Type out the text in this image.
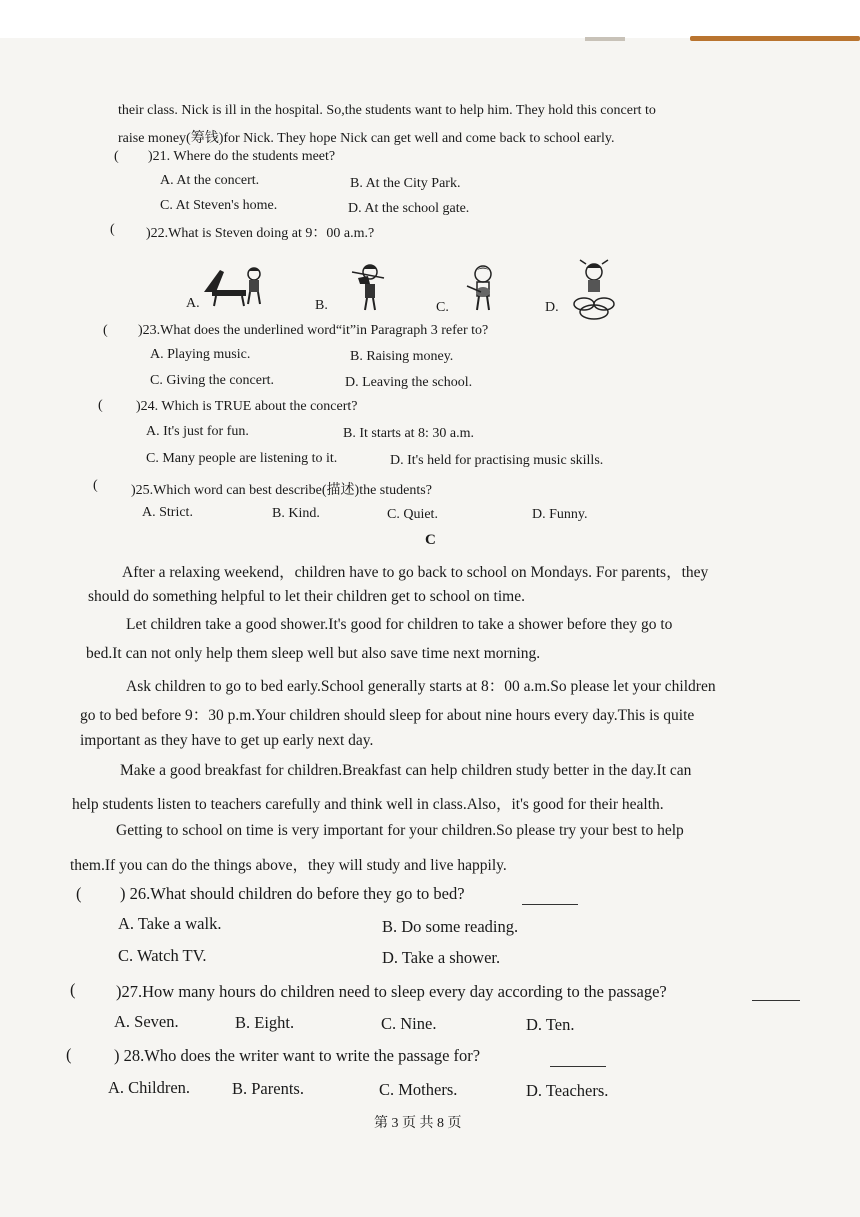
their class. Nick is ill in the hospital. So,the students want to help him. They hold this concert to
raise money(筹钱)for Nick. They hope Nick can get well and come back to school early.
( )21. Where do the students meet?
A. At the concert.	B. At the City Park.
C. At Steven's home.	D. At the school gate.
( )22.What is Steven doing at 9：00 a.m.?
A.	B.	C.	D.
( )23.What does the underlined word“it”in Paragraph 3 refer to?
A. Playing music.	B. Raising money.
C. Giving the concert.	D. Leaving the school.
( )24. Which is TRUE about the concert?
A. It's just for fun.	B. It starts at 8: 30 a.m.
C. Many people are listening to it.	D. It's held for practising music skills.
( )25.Which word can best describe(描述)the students?
A. Strict.	B. Kind.	C. Quiet.	D. Funny.
C
After a relaxing weekend，children have to go back to school on Mondays. For parents，they
should do something helpful to let their children get to school on time.
Let children take a good shower.It's good for children to take a shower before they go to
bed.It can not only help them sleep well but also save time next morning.
Ask children to go to bed early.School generally starts at 8：00 a.m.So please let your children
go to bed before 9：30 p.m.Your children should sleep for about nine hours every day.This is quite
important as they have to get up early next day.
Make a good breakfast for children.Breakfast can help children study better in the day.It can
help students listen to teachers carefully and think well in class.Also，it's good for their health.
Getting to school on time is very important for your children.So please try your best to help
them.If you can do the things above，they will study and live happily.
( ) 26.What should children do before they go to bed?
A. Take a walk.	B. Do some reading.
C. Watch TV.	D. Take a shower.
( )27.How many hours do children need to sleep every day according to the passage?
A. Seven.	B. Eight.	C. Nine.	D. Ten.
(	) 28.Who does the writer want to write the passage for?
A. Children.	B. Parents.	C. Mothers.	D. Teachers.
第 3 页 共 8 页
